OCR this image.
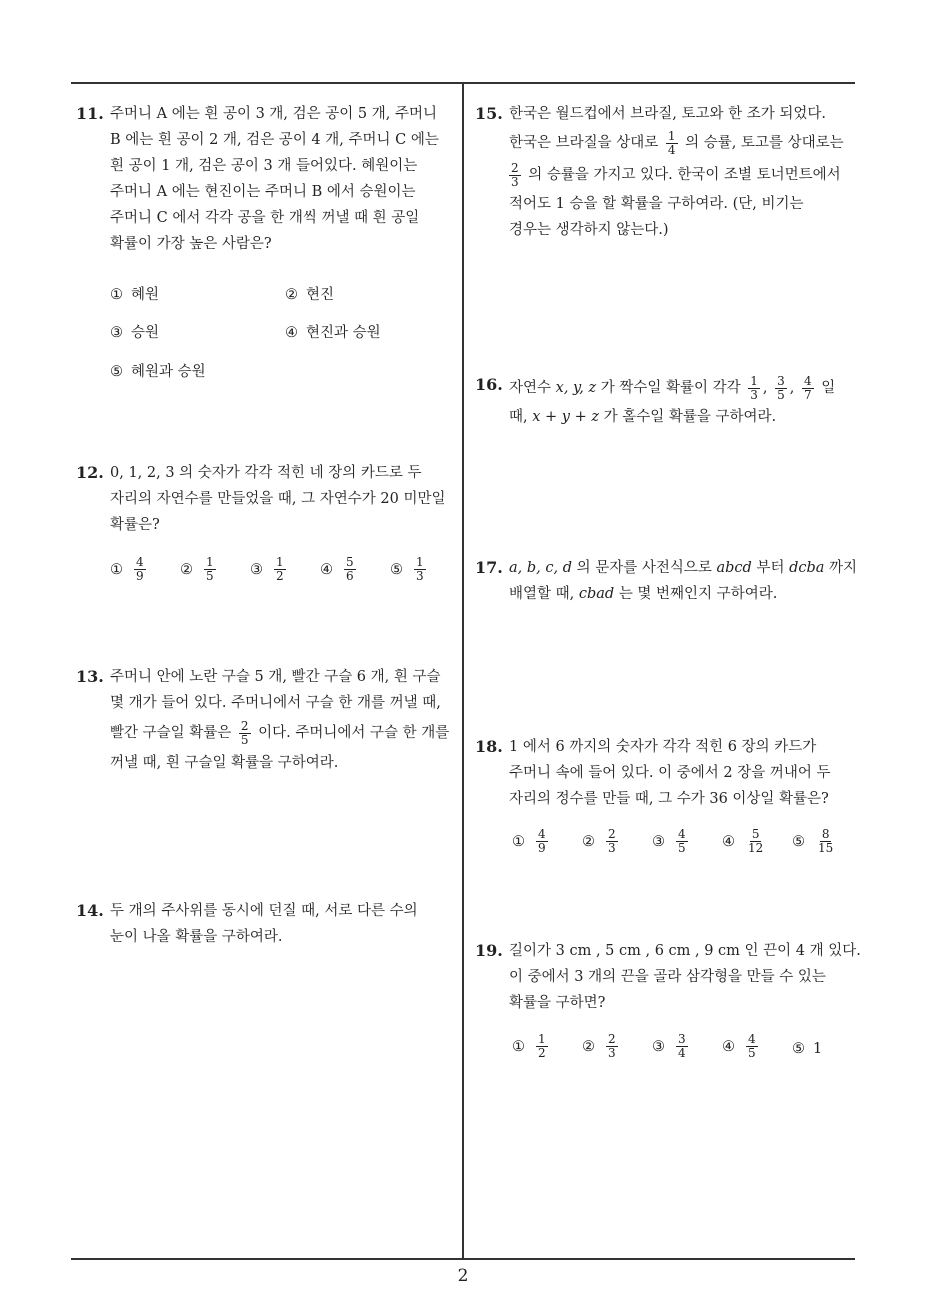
11. 주머니 A 에는 흰 공이 3 개, 검은 공이 5 개, 주머니
B 에는 흰 공이 2 개, 검은 공이 4 개, 주머니 C 에는
흰 공이 1 개, 검은 공이 3 개 들어있다. 혜원이는
주머니 A 에는 현진이는 주머니 B 에서 승원이는
주머니 C 에서 각각 공을 한 개씩 꺼낼 때 흰 공일
확률이 가장 높은 사람은?
① 혜원	② 현진
③ 승원	④ 현진과 승원
⑤ 혜원과 승원
12. 0, 1, 2, 3 의 숫자가 각각 적힌 네 장의 카드로 두
자리의 자연수를 만들었을 때, 그 자연수가 20 미만일
확률은?
① $\frac{4}{9}$ ② $\frac{1}{5}$ ③ $\frac{1}{2}$ ④ $\frac{5}{6}$ ⑤ $\frac{1}{3}$
13. 주머니 안에 노란 구슬 5 개, 빨간 구슬 6 개, 흰 구슬
몇 개가 들어 있다. 주머니에서 구슬 한 개를 꺼낼 때,
빨간 구슬일 확률은 $\frac{2}{5}$ 이다. 주머니에서 구슬 한 개를
꺼낼 때, 흰 구슬일 확률을 구하여라.
14. 두 개의 주사위를 동시에 던질 때, 서로 다른 수의
눈이 나올 확률을 구하여라.
15. 한국은 월드컵에서 브라질, 토고와 한 조가 되었다.
한국은 브라질을 상대로 $\frac{1}{4}$ 의 승률, 토고를 상대로는
$\frac{2}{3}$ 의 승률을 가지고 있다. 한국이 조별 토너먼트에서
적어도 1 승을 할 확률을 구하여라. (단, 비기는
경우는 생각하지 않는다.)
16. 자연수 x, y, z 가 짝수일 확률이 각각 $\frac{1}{3}$ , $\frac{3}{5}$ , $\frac{4}{7}$ 일
때, x + y + z 가 홀수일 확률을 구하여라.
17. a, b, c, d 의 문자를 사전식으로 abcd 부터 dcba 까지
배열할 때, cbad 는 몇 번째인지 구하여라.
18. 1 에서 6 까지의 숫자가 각각 적힌 6 장의 카드가
주머니 속에 들어 있다. 이 중에서 2 장을 꺼내어 두
자리의 정수를 만들 때, 그 수가 36 이상일 확률은?
① $\frac{4}{9}$ ② $\frac{2}{3}$ ③ $\frac{4}{5}$ ④ $\frac{5}{12}$ ⑤ $\frac{8}{15}$
19. 길이가 3 cm , 5 cm , 6 cm , 9 cm 인 끈이 4 개 있다.
이 중에서 3 개의 끈을 골라 삼각형을 만들 수 있는
확률을 구하면?
① $\frac{1}{2}$ ② $\frac{2}{3}$ ③ $\frac{3}{4}$ ④ $\frac{4}{5}$ ⑤ 1
2
